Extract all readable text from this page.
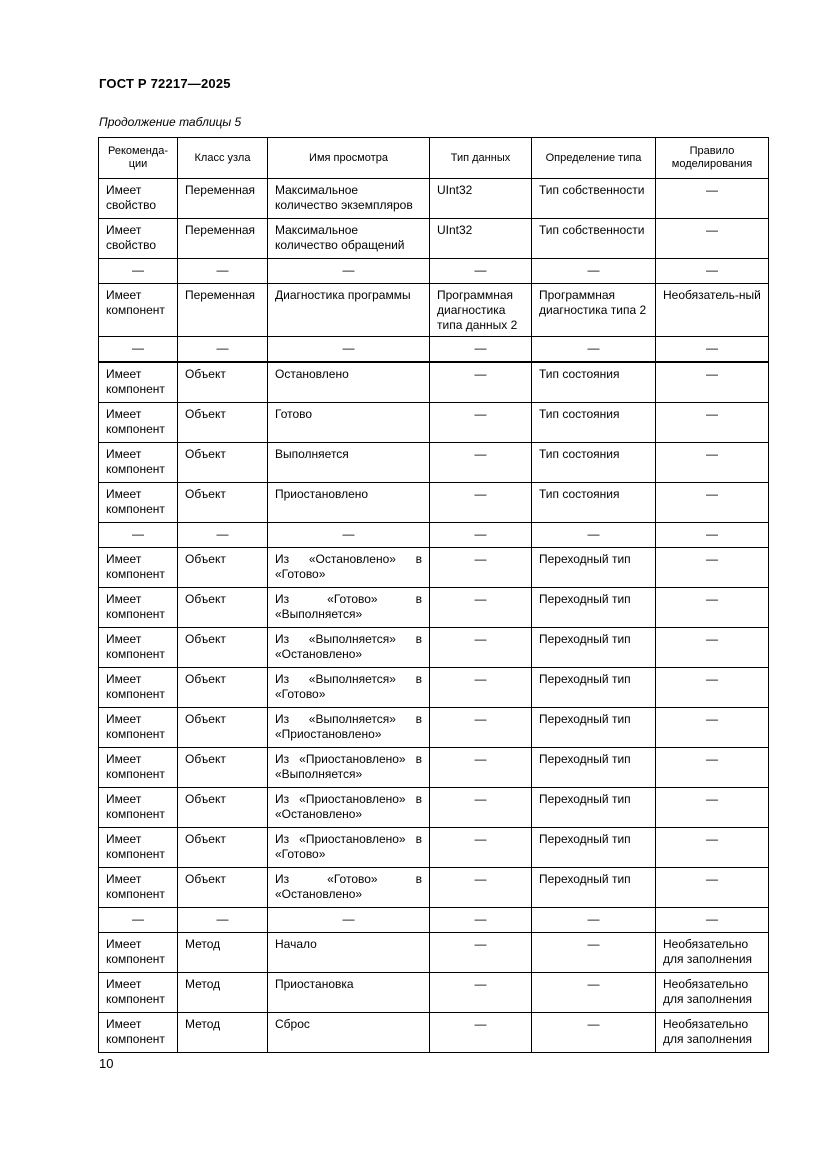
ГОСТ Р 72217—2025
Продолжение таблицы 5
Рекоменда-ции	Класс узла	Имя просмотра	Тип данных	Определение типа	Правило моделирования

Имеет свойство	Переменная	Максимальное количество экземпляров	UInt32	Тип собственности	—

Имеет свойство	Переменная	Максимальное количество обращений	UInt32	Тип собственности	—

—	—	—	—	—	—

Имеет компонент	Переменная	Диагностика программы	Программная диагностика типа данных 2	Программная диагностика типа 2	Необязатель-ный

—	—	—	—	—	—

Имеет компонент	Объект	Остановлено	—	Тип состояния	—

Имеет компонент	Объект	Готово	—	Тип состояния	—

Имеет компонент	Объект	Выполняется	—	Тип состояния	—

Имеет компонент	Объект	Приостановлено	—	Тип состояния	—

—	—	—	—	—	—

Имеет компонент	Объект	Из «Остановлено» в «Готово»	—	Переходный тип	—

Имеет компонент	Объект	Из «Готово» в «Выполняется»	—	Переходный тип	—

Имеет компонент	Объект	Из «Выполняется» в «Остановлено»	—	Переходный тип	—

Имеет компонент	Объект	Из «Выполняется» в «Готово»	—	Переходный тип	—

Имеет компонент	Объект	Из «Выполняется» в «Приостановлено»	—	Переходный тип	—

Имеет компонент	Объект	Из «Приостановлено» в «Выполняется»	—	Переходный тип	—

Имеет компонент	Объект	Из «Приостановлено» в «Остановлено»	—	Переходный тип	—

Имеет компонент	Объект	Из «Приостановлено» в «Готово»	—	Переходный тип	—

Имеет компонент	Объект	Из «Готово» в «Остановлено»	—	Переходный тип	—

—	—	—	—	—	—

Имеет компонент	Метод	Начало	—	—	Необязательно для заполнения

Имеет компонент	Метод	Приостановка	—	—	Необязательно для заполнения

Имеет компонент	Метод	Сброс	—	—	Необязательно для заполнения
10
